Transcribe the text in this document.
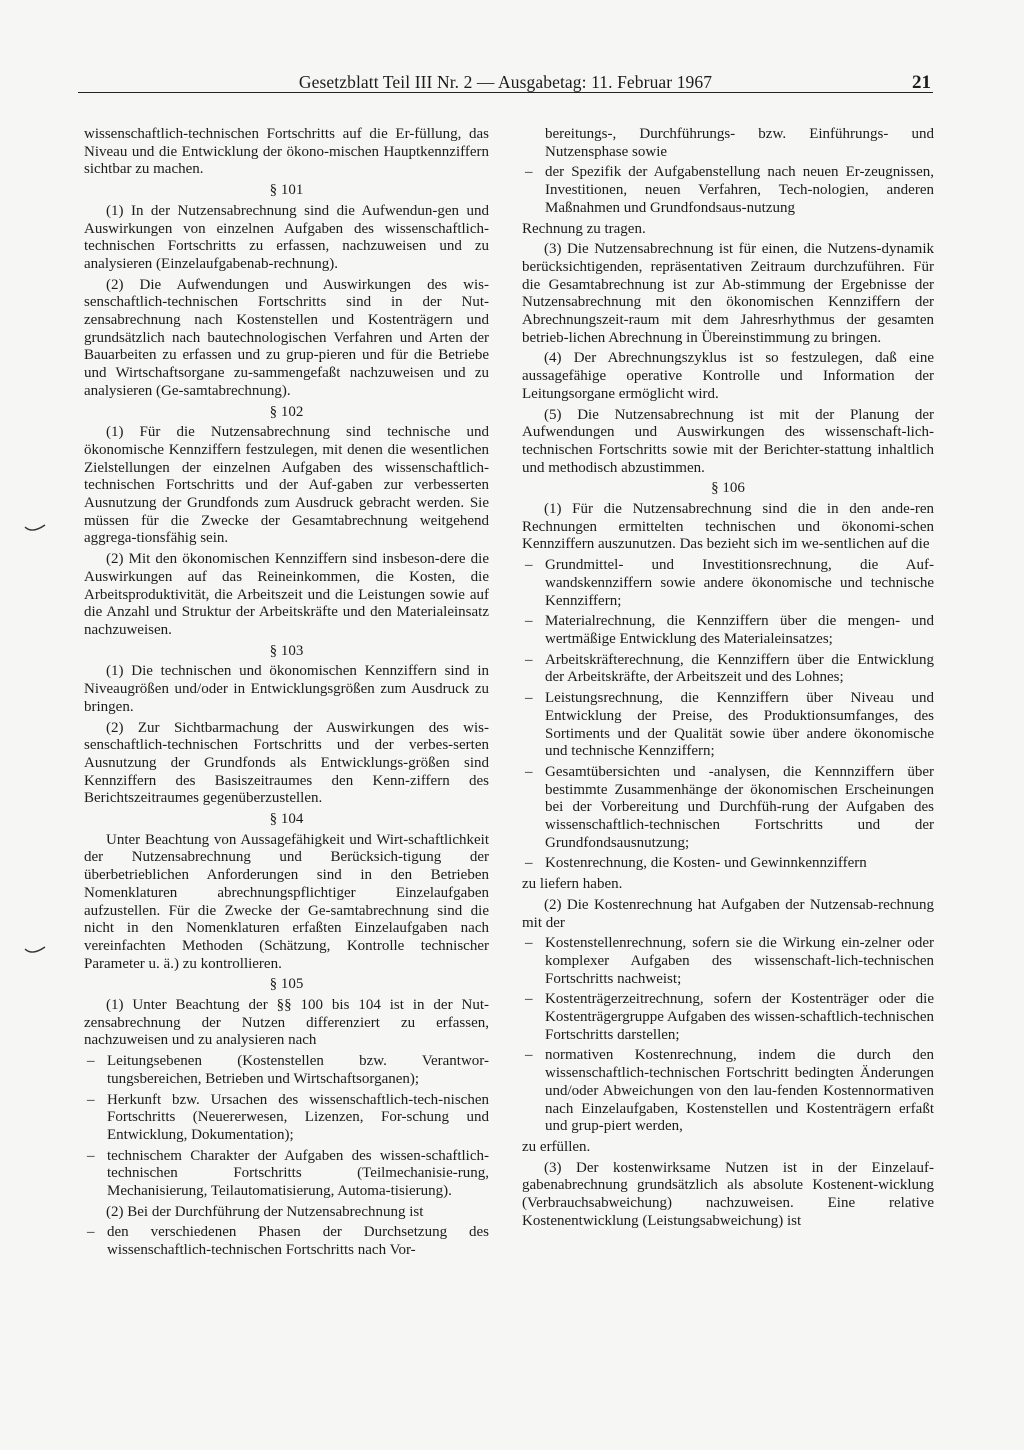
Gesetzblatt Teil III Nr. 2 — Ausgabetag: 11. Februar 1967	21

wissenschaftlich-technischen Fortschritts auf die Er-füllung, das Niveau und die Entwicklung der ökono-mischen Hauptkennziffern sichtbar zu machen.

§ 101

(1) In der Nutzensabrechnung sind die Aufwendun-gen und Auswirkungen von einzelnen Aufgaben des wissenschaftlich-technischen Fortschritts zu erfassen, nachzuweisen und zu analysieren (Einzelaufgabenab-rechnung).

(2) Die Aufwendungen und Auswirkungen des wis-senschaftlich-technischen Fortschritts sind in der Nut-zensabrechnung nach Kostenstellen und Kostenträgern und grundsätzlich nach bautechnologischen Verfahren und Arten der Bauarbeiten zu erfassen und zu grup-pieren und für die Betriebe und Wirtschaftsorgane zu-sammengefaßt nachzuweisen und zu analysieren (Ge-samtabrechnung).

§ 102

(1) Für die Nutzensabrechnung sind technische und ökonomische Kennziffern festzulegen, mit denen die wesentlichen Zielstellungen der einzelnen Aufgaben des wissenschaftlich-technischen Fortschritts und der Auf-gaben zur verbesserten Ausnutzung der Grundfonds zum Ausdruck gebracht werden. Sie müssen für die Zwecke der Gesamtabrechnung weitgehend aggrega-tionsfähig sein.

(2) Mit den ökonomischen Kennziffern sind insbeson-dere die Auswirkungen auf das Reineinkommen, die Kosten, die Arbeitsproduktivität, die Arbeitszeit und die Leistungen sowie auf die Anzahl und Struktur der Arbeitskräfte und den Materialeinsatz nachzuweisen.

§ 103

(1) Die technischen und ökonomischen Kennziffern sind in Niveaugrößen und/oder in Entwicklungsgrößen zum Ausdruck zu bringen.

(2) Zur Sichtbarmachung der Auswirkungen des wis-senschaftlich-technischen Fortschritts und der verbes-serten Ausnutzung der Grundfonds als Entwicklungs-größen sind Kennziffern des Basiszeitraumes den Kenn-ziffern des Berichtszeitraumes gegenüberzustellen.

§ 104

Unter Beachtung von Aussagefähigkeit und Wirt-schaftlichkeit der Nutzensabrechnung und Berücksich-tigung der überbetrieblichen Anforderungen sind in den Betrieben Nomenklaturen abrechnungspflichtiger Einzelaufgaben aufzustellen. Für die Zwecke der Ge-samtabrechnung sind die nicht in den Nomenklaturen erfaßten Einzelaufgaben nach vereinfachten Methoden (Schätzung, Kontrolle technischer Parameter u. ä.) zu kontrollieren.

§ 105

(1) Unter Beachtung der §§ 100 bis 104 ist in der Nut-zensabrechnung der Nutzen differenziert zu erfassen, nachzuweisen und zu analysieren nach

– Leitungsebenen (Kostenstellen bzw. Verantwor-tungsbereichen, Betrieben und Wirtschaftsorganen);
– Herkunft bzw. Ursachen des wissenschaftlich-tech-nischen Fortschritts (Neuererwesen, Lizenzen, For-schung und Entwicklung, Dokumentation);
– technischem Charakter der Aufgaben des wissen-schaftlich-technischen Fortschritts (Teilmechanisie-rung, Mechanisierung, Teilautomatisierung, Automa-tisierung).

(2) Bei der Durchführung der Nutzensabrechnung ist

– den verschiedenen Phasen der Durchsetzung des wissenschaftlich-technischen Fortschritts nach Vor-
bereitungs-, Durchführungs- bzw. Einführungs- und Nutzensphase sowie
– der Spezifik der Aufgabenstellung nach neuen Er-zeugnissen, Investitionen, neuen Verfahren, Tech-nologien, anderen Maßnahmen und Grundfondsaus-nutzung

Rechnung zu tragen.

(3) Die Nutzensabrechnung ist für einen, die Nutzens-dynamik berücksichtigenden, repräsentativen Zeitraum durchzuführen. Für die Gesamtabrechnung ist zur Ab-stimmung der Ergebnisse der Nutzensabrechnung mit den ökonomischen Kennziffern der Abrechnungszeit-raum mit dem Jahresrhythmus der gesamten betrieb-lichen Abrechnung in Übereinstimmung zu bringen.

(4) Der Abrechnungszyklus ist so festzulegen, daß eine aussagefähige operative Kontrolle und Information der Leitungsorgane ermöglicht wird.

(5) Die Nutzensabrechnung ist mit der Planung der Aufwendungen und Auswirkungen des wissenschaft-lich-technischen Fortschritts sowie mit der Berichter-stattung inhaltlich und methodisch abzustimmen.

§ 106

(1) Für die Nutzensabrechnung sind die in den ande-ren Rechnungen ermittelten technischen und ökonomi-schen Kennziffern auszunutzen. Das bezieht sich im we-sentlichen auf die

– Grundmittel- und Investitionsrechnung, die Auf-wandskennziffern sowie andere ökonomische und technische Kennziffern;
– Materialrechnung, die Kennziffern über die mengen- und wertmäßige Entwicklung des Materialeinsatzes;
– Arbeitskräfterechnung, die Kennziffern über die Entwicklung der Arbeitskräfte, der Arbeitszeit und des Lohnes;
– Leistungsrechnung, die Kennziffern über Niveau und Entwicklung der Preise, des Produktionsumfanges, des Sortiments und der Qualität sowie über andere ökonomische und technische Kennziffern;
– Gesamtübersichten und -analysen, die Kennnziffern über bestimmte Zusammenhänge der ökonomischen Erscheinungen bei der Vorbereitung und Durchfüh-rung der Aufgaben des wissenschaftlich-technischen Fortschritts und der Grundfondsausnutzung;
– Kostenrechnung, die Kosten- und Gewinnkennziffern

zu liefern haben.

(2) Die Kostenrechnung hat Aufgaben der Nutzensab-rechnung mit der

– Kostenstellenrechnung, sofern sie die Wirkung ein-zelner oder komplexer Aufgaben des wissenschaft-lich-technischen Fortschritts nachweist;
– Kostenträgerzeitrechnung, sofern der Kostenträger oder die Kostenträgergruppe Aufgaben des wissen-schaftlich-technischen Fortschritts darstellen;
– normativen Kostenrechnung, indem die durch den wissenschaftlich-technischen Fortschritt bedingten Änderungen und/oder Abweichungen von den lau-fenden Kostennormativen nach Einzelaufgaben, Kostenstellen und Kostenträgern erfaßt und grup-piert werden,

zu erfüllen.

(3) Der kostenwirksame Nutzen ist in der Einzelauf-gabenabrechnung grundsätzlich als absolute Kostenent-wicklung (Verbrauchsabweichung) nachzuweisen. Eine relative Kostenentwicklung (Leistungsabweichung) ist
